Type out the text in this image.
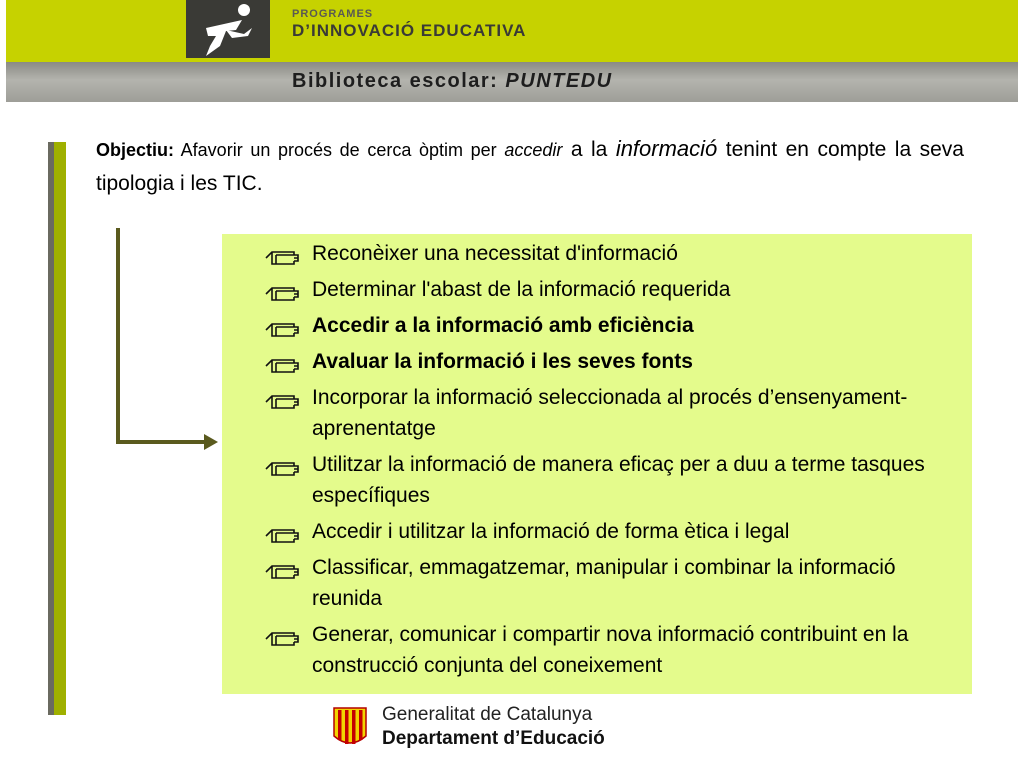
PROGRAMES
D’INNOVACIÓ EDUCATIVA
Biblioteca escolar: PUNTEDU

Objectiu: Afavorir un procés de cerca òptim per accedir a la informació tenint en compte la seva tipologia i les TIC.

Reconèixer una necessitat d'informació
Determinar l'abast de la informació requerida
Accedir a la informació amb eficiència
Avaluar la informació i les seves fonts
Incorporar la informació seleccionada al procés d’ensenyament-aprenentatge
Utilitzar la informació de manera eficaç per a duu a terme tasques específiques
Accedir i utilitzar la informació de forma ètica i legal
Classificar, emmagatzemar, manipular i combinar la informació reunida
Generar, comunicar i compartir nova informació contribuint en la construcció conjunta del coneixement
Generalitat de Catalunya
Departament d’Educació
